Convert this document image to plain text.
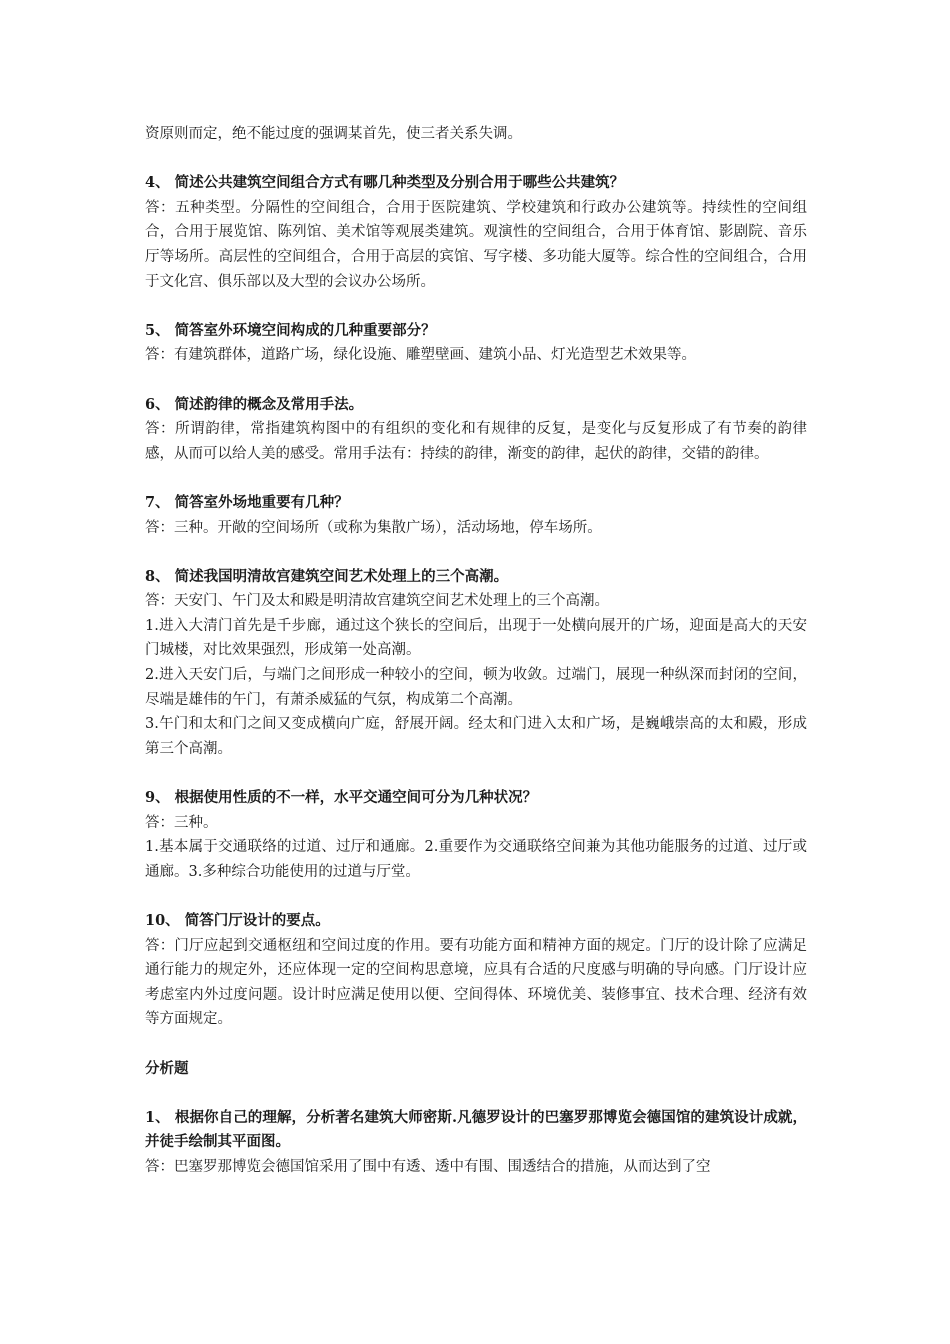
资原则而定，绝不能过度的强调某首先，使三者关系失调。

4、 简述公共建筑空间组合方式有哪几种类型及分别合用于哪些公共建筑？

答：五种类型。分隔性的空间组合，合用于医院建筑、学校建筑和行政办公建筑等。持续性的空间组合，合用于展览馆、陈列馆、美术馆等观展类建筑。观演性的空间组合，合用于体育馆、影剧院、音乐厅等场所。高层性的空间组合，合用于高层的宾馆、写字楼、多功能大厦等。综合性的空间组合，合用于文化宫、俱乐部以及大型的会议办公场所。

5、 简答室外环境空间构成的几种重要部分？

答：有建筑群体，道路广场，绿化设施、雕塑壁画、建筑小品、灯光造型艺术效果等。

6、 简述韵律的概念及常用手法。

答：所谓韵律，常指建筑构图中的有组织的变化和有规律的反复，是变化与反复形成了有节奏的韵律感，从而可以给人美的感受。常用手法有：持续的韵律，渐变的韵律，起伏的韵律，交错的韵律。

7、 简答室外场地重要有几种？

答：三种。开敞的空间场所（或称为集散广场），活动场地，停车场所。

8、 简述我国明清故宫建筑空间艺术处理上的三个高潮。

答：天安门、午门及太和殿是明清故宫建筑空间艺术处理上的三个高潮。

1.进入大清门首先是千步廊，通过这个狭长的空间后，出现于一处横向展开的广场，迎面是高大的天安门城楼，对比效果强烈，形成第一处高潮。

2.进入天安门后，与端门之间形成一种较小的空间，顿为收敛。过端门，展现一种纵深而封闭的空间，尽端是雄伟的午门，有萧杀威猛的气氛，构成第二个高潮。

3.午门和太和门之间又变成横向广庭，舒展开阔。经太和门进入太和广场，是巍峨崇高的太和殿，形成第三个高潮。

9、 根据使用性质的不一样，水平交通空间可分为几种状况？

答：三种。

1.基本属于交通联络的过道、过厅和通廊。2.重要作为交通联络空间兼为其他功能服务的过道、过厅或通廊。3.多种综合功能使用的过道与厅堂。

10、 简答门厅设计的要点。

答：门厅应起到交通枢纽和空间过度的作用。要有功能方面和精神方面的规定。门厅的设计除了应满足通行能力的规定外，还应体现一定的空间构思意境，应具有合适的尺度感与明确的导向感。门厅设计应考虑室内外过度问题。设计时应满足使用以便、空间得体、环境优美、装修事宜、技术合理、经济有效等方面规定。

分析题

1、 根据你自己的理解，分析著名建筑大师密斯.凡德罗设计的巴塞罗那博览会德国馆的建筑设计成就，并徒手绘制其平面图。

答：巴塞罗那博览会德国馆采用了围中有透、透中有围、围透结合的措施，从而达到了空
